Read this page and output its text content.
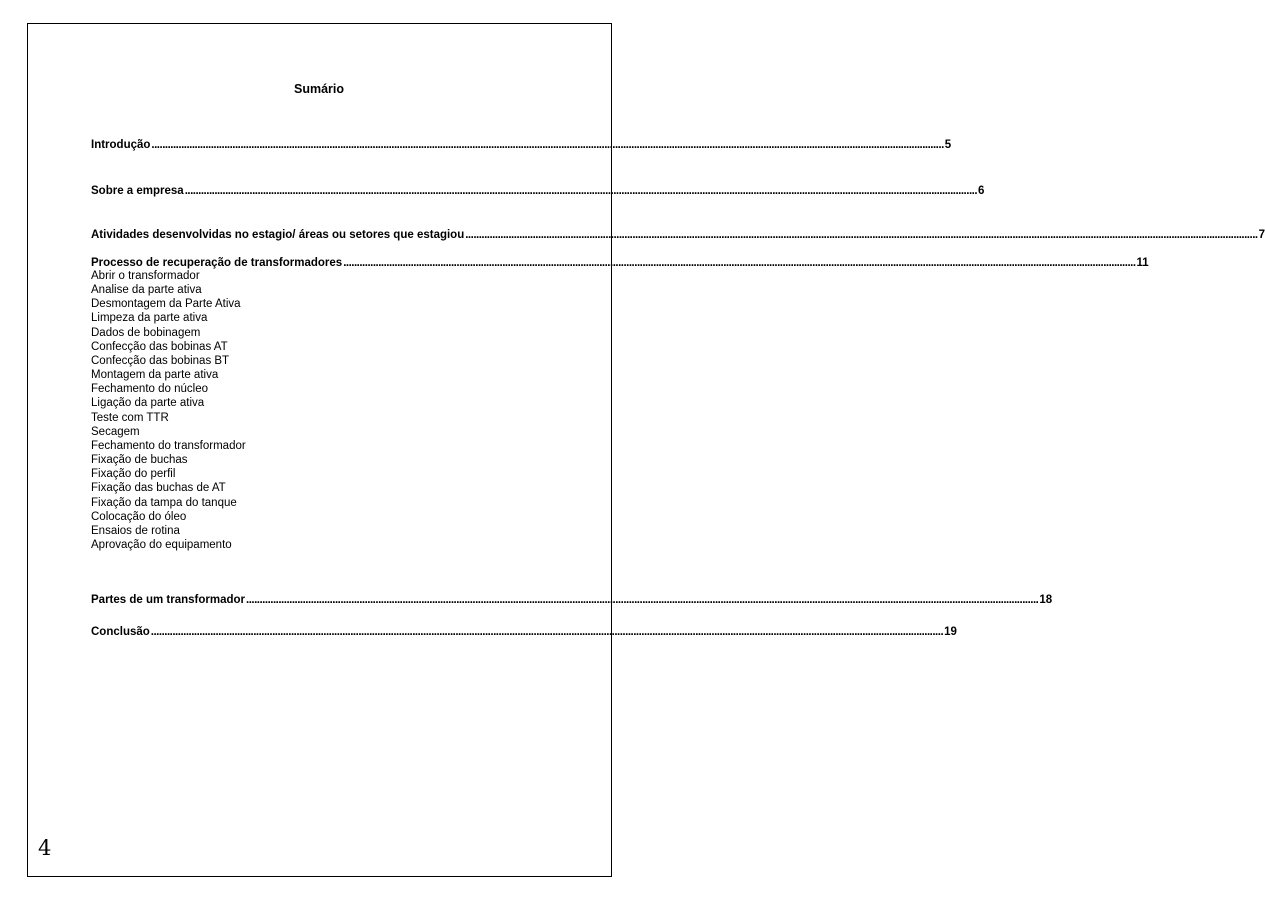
Sumário
Introdução ...................................................................................................................................................................................................................................................................................................... 5
Sobre a empresa ...................................................................................................................................................................................................................................................................................................... 6
Atividades desenvolvidas no estagio/ áreas ou setores que estagiou ...................................................................................................................................................................................................................................................................................................... 7
Processo de recuperação de transformadores ...................................................................................................................................................................................................................................................................................................... 11
Abrir o transformador
Analise da parte ativa
Desmontagem da Parte Ativa
Limpeza da parte ativa
Dados de bobinagem
Confecção das bobinas AT
Confecção das bobinas BT
Montagem da parte ativa
Fechamento do núcleo
Ligação da parte ativa
Teste com TTR
Secagem
Fechamento do transformador
Fixação de buchas
Fixação do perfil
Fixação das buchas de AT
Fixação da tampa do tanque
Colocação do óleo
Ensaios de rotina
Aprovação do equipamento
Partes de um transformador ...................................................................................................................................................................................................................................................................................................... 18
Conclusão ...................................................................................................................................................................................................................................................................................................... 19
4
